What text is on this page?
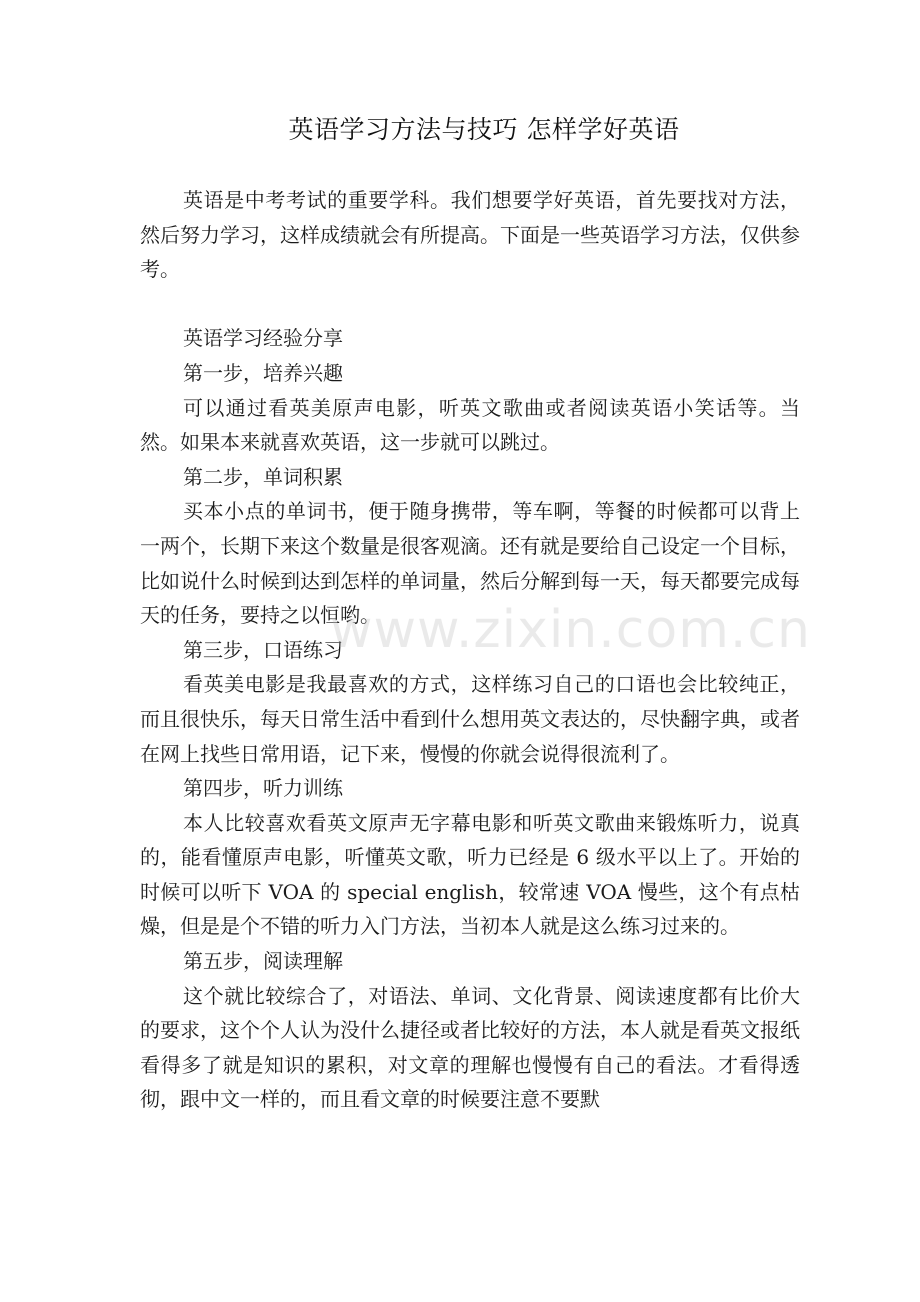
英语学习方法与技巧 怎样学好英语

英语是中考考试的重要学科。我们想要学好英语，首先要找对方法，然后努力学习，这样成绩就会有所提高。下面是一些英语学习方法，仅供参考。

英语学习经验分享

第一步，培养兴趣

可以通过看英美原声电影，听英文歌曲或者阅读英语小笑话等。当然。如果本来就喜欢英语，这一步就可以跳过。

第二步，单词积累

买本小点的单词书，便于随身携带，等车啊，等餐的时候都可以背上一两个，长期下来这个数量是很客观滴。还有就是要给自己设定一个目标，比如说什么时候到达到怎样的单词量，然后分解到每一天，每天都要完成每天的任务，要持之以恒哟。

第三步，口语练习

看英美电影是我最喜欢的方式，这样练习自己的口语也会比较纯正，而且很快乐，每天日常生活中看到什么想用英文表达的，尽快翻字典，或者在网上找些日常用语，记下来，慢慢的你就会说得很流利了。

第四步，听力训练

本人比较喜欢看英文原声无字幕电影和听英文歌曲来锻炼听力，说真的，能看懂原声电影，听懂英文歌，听力已经是 6 级水平以上了。开始的时候可以听下 VOA 的 special english，较常速 VOA 慢些，这个有点枯燥，但是是个不错的听力入门方法，当初本人就是这么练习过来的。

第五步，阅读理解

这个就比较综合了，对语法、单词、文化背景、阅读速度都有比价大的要求，这个个人认为没什么捷径或者比较好的方法，本人就是看英文报纸看得多了就是知识的累积，对文章的理解也慢慢有自己的看法。才看得透彻，跟中文一样的，而且看文章的时候要注意不要默

www.zixin.com.cn
